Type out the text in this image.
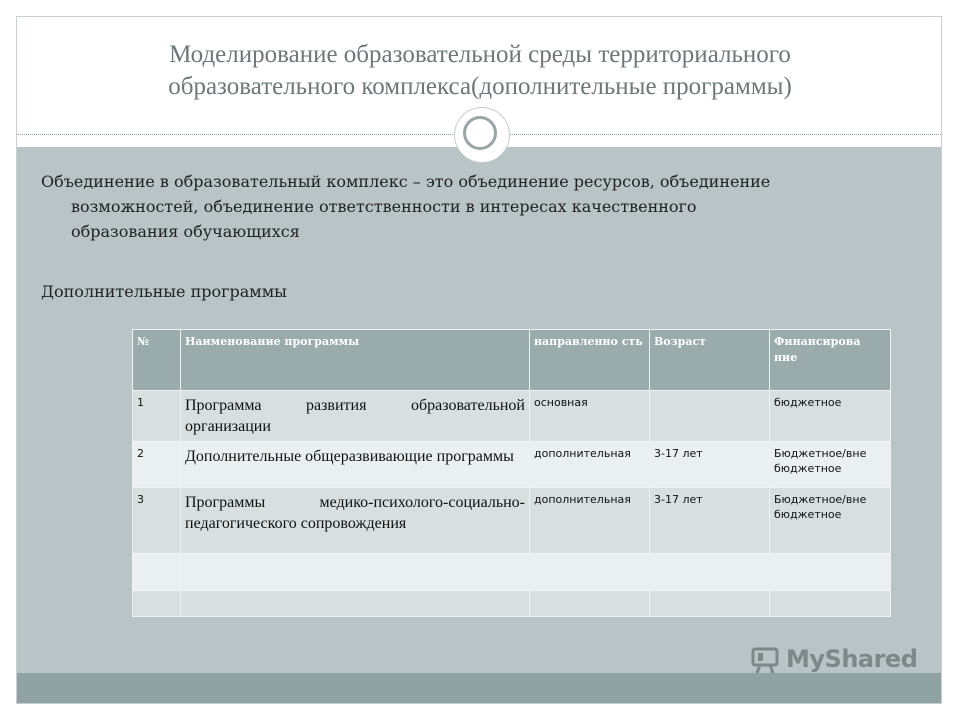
Моделирование образовательной среды территориального
образовательного комплекса(дополнительные программы)
Объединение в образовательный комплекс – это объединение ресурсов, объединение
возможностей, объединение ответственности в интересах качественного
образования обучающихся
Дополнительные программы
№	Наименование программы	направленно сть	Возраст	Финансирова ние
1	Программа развития образовательной организации	основная		бюджетное
2	Дополнительные общеразвивающие программы	дополнительная	3-17 лет	Бюджетное/вне бюджетное
3	Программы медико-психолого-социально-педагогического сопровождения	дополнительная	3-17 лет	Бюджетное/вне бюджетное

MyShared
